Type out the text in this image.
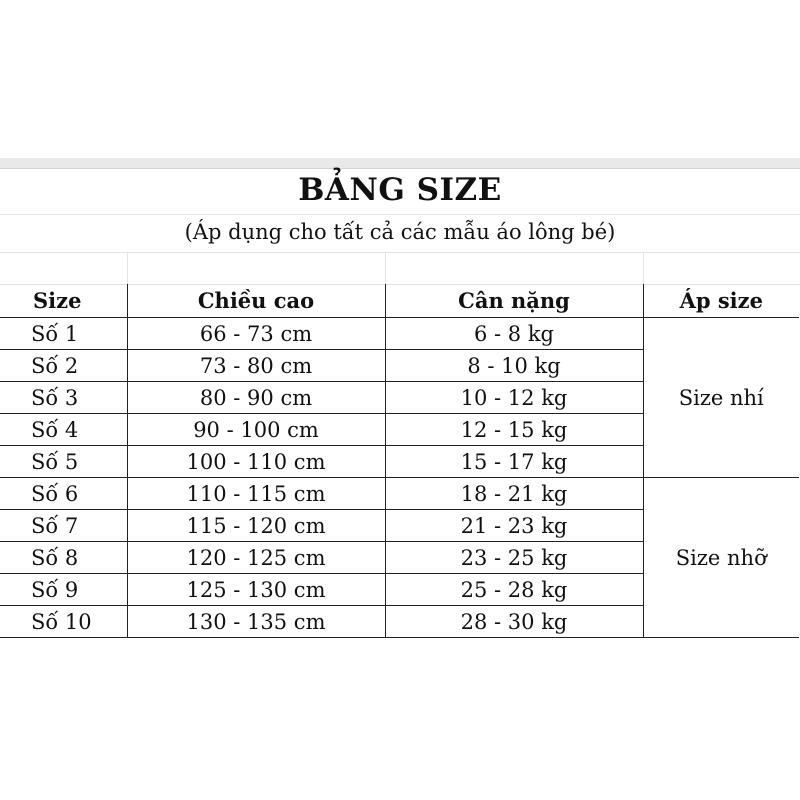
BẢNG SIZE
(Áp dụng cho tất cả các mẫu áo lông bé)
Size	Chiều cao	Cân nặng	Áp size
Số 1	66 - 73 cm	6 - 8 kg	Size nhí
Số 2	73 - 80 cm	8 - 10 kg	
Số 3	80 - 90 cm	10 - 12 kg	
Số 4	90 - 100 cm	12 - 15 kg	
Số 5	100 - 110 cm	15 - 17 kg	
Số 6	110 - 115 cm	18 - 21 kg	Size nhỡ
Số 7	115 - 120 cm	21 - 23 kg	
Số 8	120 - 125 cm	23 - 25 kg	
Số 9	125 - 130 cm	25 - 28 kg	
Số 10	130 - 135 cm	28 - 30 kg	
